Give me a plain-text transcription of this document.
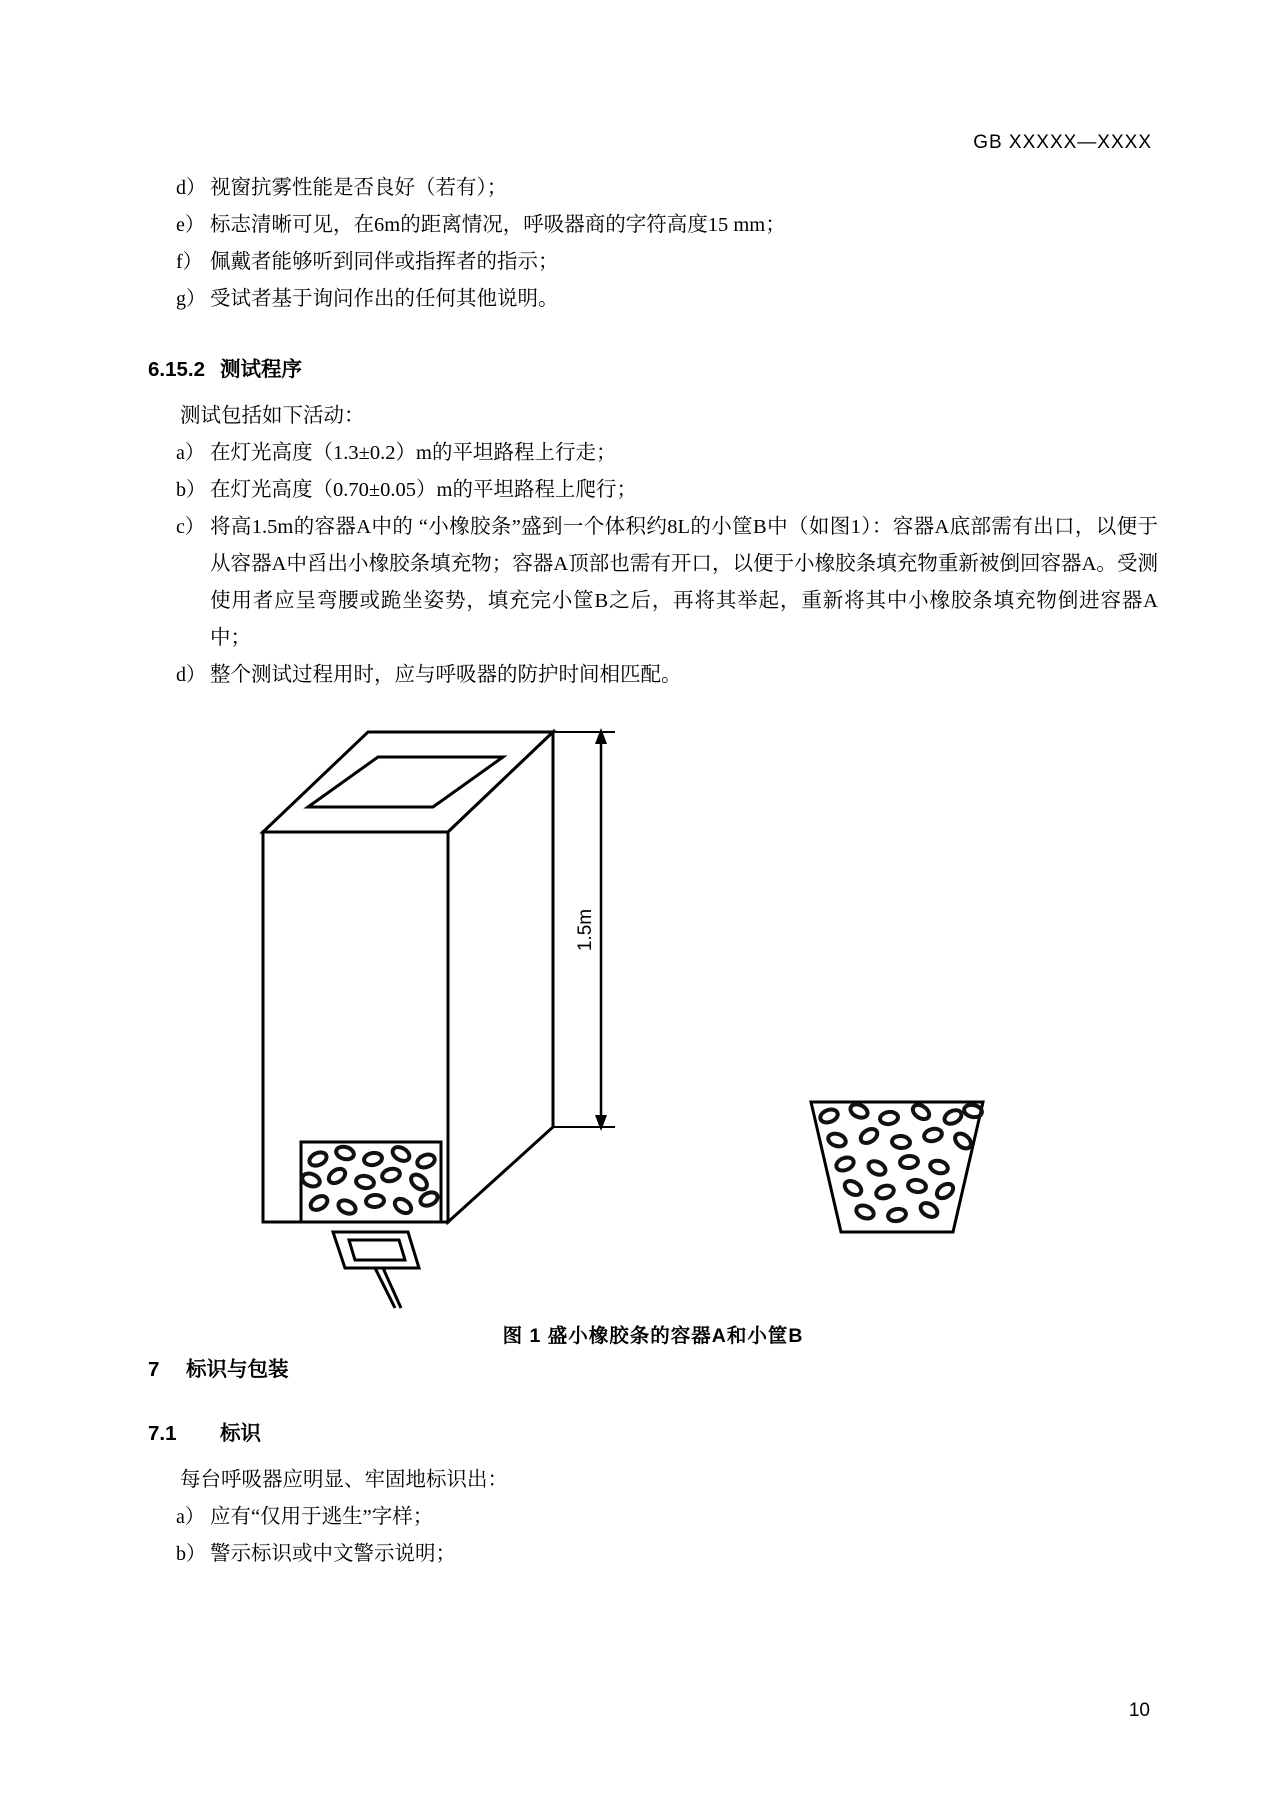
GB XXXXX—XXXX
d） 视窗抗雾性能是否良好（若有）；
e） 标志清晰可见，在6m的距离情况，呼吸器商的字符高度15 mm；
f） 佩戴者能够听到同伴或指挥者的指示；
g） 受试者基于询问作出的任何其他说明。
6.15.2 测试程序
测试包括如下活动：
a） 在灯光高度（1.3±0.2）m的平坦路程上行走；
b） 在灯光高度（0.70±0.05）m的平坦路程上爬行；
c） 将高1.5m的容器A中的 “小橡胶条”盛到一个体积约8L的小筐B中（如图1）：容器A底部需有出口，以便于从容器A中舀出小橡胶条填充物；容器A顶部也需有开口，以便于小橡胶条填充物重新被倒回容器A。受测使用者应呈弯腰或跪坐姿势，填充完小筐B之后，再将其举起，重新将其中小橡胶条填充物倒进容器A中；
d） 整个测试过程用时，应与呼吸器的防护时间相匹配。
1.5m
图 1 盛小橡胶条的容器A和小筐B
7 标识与包装
7.1 标识
每台呼吸器应明显、牢固地标识出：
a） 应有“仅用于逃生”字样；
b） 警示标识或中文警示说明；
10
